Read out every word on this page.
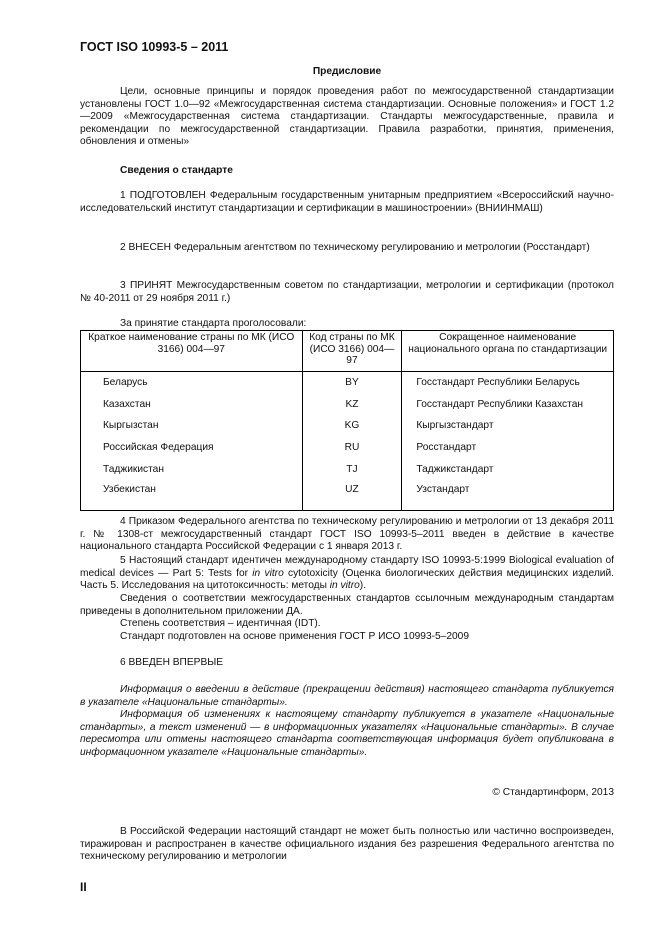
ГОСТ ISO 10993-5 – 2011
Предисловие
Цели, основные принципы и порядок проведения работ по межгосударственной стандартизации установлены ГОСТ 1.0—92 «Межгосударственная система стандартизации. Основные положения» и ГОСТ 1.2—2009 «Межгосударственная система стандартизации. Стандарты межгосударственные, правила и рекомендации по межгосударственной стандартизации. Правила разработки, принятия, применения, обновления и отмены»
Сведения о стандарте
1 ПОДГОТОВЛЕН Федеральным государственным унитарным предприятием «Всероссийский научно-исследовательский институт стандартизации и сертификации в машиностроении» (ВНИИНМАШ)
2 ВНЕСЕН Федеральным агентством по техническому регулированию и метрологии (Росстандарт)
3 ПРИНЯТ Межгосударственным советом по стандартизации, метрологии и сертификации (протокол № 40-2011 от 29 ноября 2011 г.)
За принятие стандарта проголосовали:
Краткое наименование страны по МК (ИСО 3166) 004—97	Код страны по МК (ИСО 3166) 004—97	Сокращенное наименование национального органа по стандартизации
Беларусь	BY	Госстандарт Республики Беларусь
Казахстан	KZ	Госстандарт Республики Казахстан
Кыргызстан	KG	Кыргызстандарт
Российская Федерация	RU	Росстандарт
Таджикистан	TJ	Таджикстандарт
Узбекистан	UZ	Узстандарт
4 Приказом Федерального агентства по техническому регулированию и метрологии от 13 декабря 2011 г. № 1308-ст межгосударственный стандарт ГОСТ ISO 10993-5–2011 введен в действие в качестве национального стандарта Российской Федерации с 1 января 2013 г.
5 Настоящий стандарт идентичен международному стандарту ISO 10993-5:1999 Biological evaluation of medical devices — Part 5: Tests for in vitro cytotoxicity (Оценка биологических действия медицинских изделий. Часть 5. Исследования на цитотоксичность: методы in vitro).
Сведения о соответствии межгосударственных стандартов ссылочным международным стандартам приведены в дополнительном приложении ДА.
Степень соответствия – идентичная (IDT).
Стандарт подготовлен на основе применения ГОСТ Р ИСО 10993-5–2009
6 ВВЕДЕН ВПЕРВЫЕ
Информация о введении в действие (прекращении действия) настоящего стандарта публикуется в указателе «Национальные стандарты».
Информация об изменениях к настоящему стандарту публикуется в указателе «Национальные стандарты», а текст изменений — в информационных указателях «Национальные стандарты». В случае пересмотра или отмены настоящего стандарта соответствующая информация будет опубликована в информационном указателе «Национальные стандарты».
© Стандартинформ, 2013
В Российской Федерации настоящий стандарт не может быть полностью или частично воспроизведен, тиражирован и распространен в качестве официального издания без разрешения Федерального агентства по техническому регулированию и метрологии
II
